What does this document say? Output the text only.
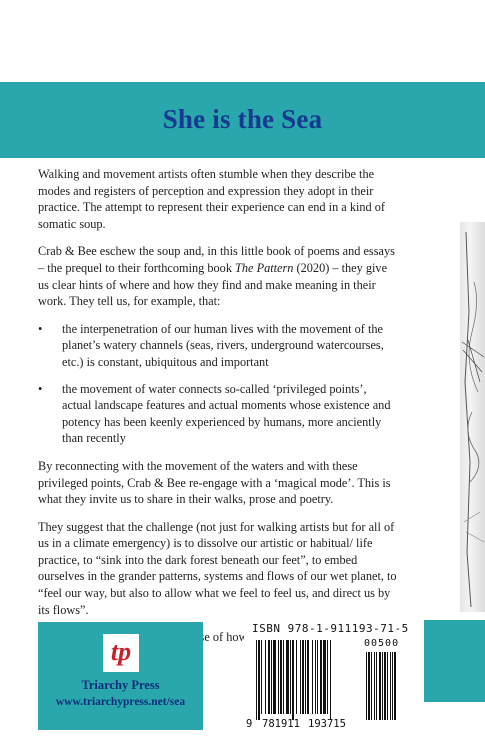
She is the Sea

Walking and movement artists often stumble when they describe the modes and registers of perception and expression they adopt in their practice. The attempt to represent their experience can end in a kind of somatic soup.

Crab & Bee eschew the soup and, in this little book of poems and essays – the prequel to their forthcoming book The Pattern (2020) – they give us clear hints of where and how they find and make meaning in their work. They tell us, for example, that:

• the interpenetration of our human lives with the movement of the planet’s watery channels (seas, rivers, underground watercourses, etc.) is constant, ubiquitous and important
• the movement of water connects so-called ‘privileged points’, actual landscape features and actual moments whose existence and potency has been keenly experienced by humans, more anciently than recently

By reconnecting with the movement of the waters and with these privileged points, Crab & Bee re-engage with a ‘magical mode’. This is what they invite us to share in their walks, prose and poetry.

They suggest that the challenge (not just for walking artists but for all of us in a climate emergency) is to dissolve our artistic or habitual/ life practice, to “sink into the dark forest beneath our feet”, to embed ourselves in the grander patterns, systems and flows of our wet planet, to “feel our way, but also to allow what we feel to feel us, and direct us by its flows”.

of how

tp
Triarchy Press
www.triarchypress.net/sea
ISBN 978-1-911193-71-5
00500
9 781911 193715
